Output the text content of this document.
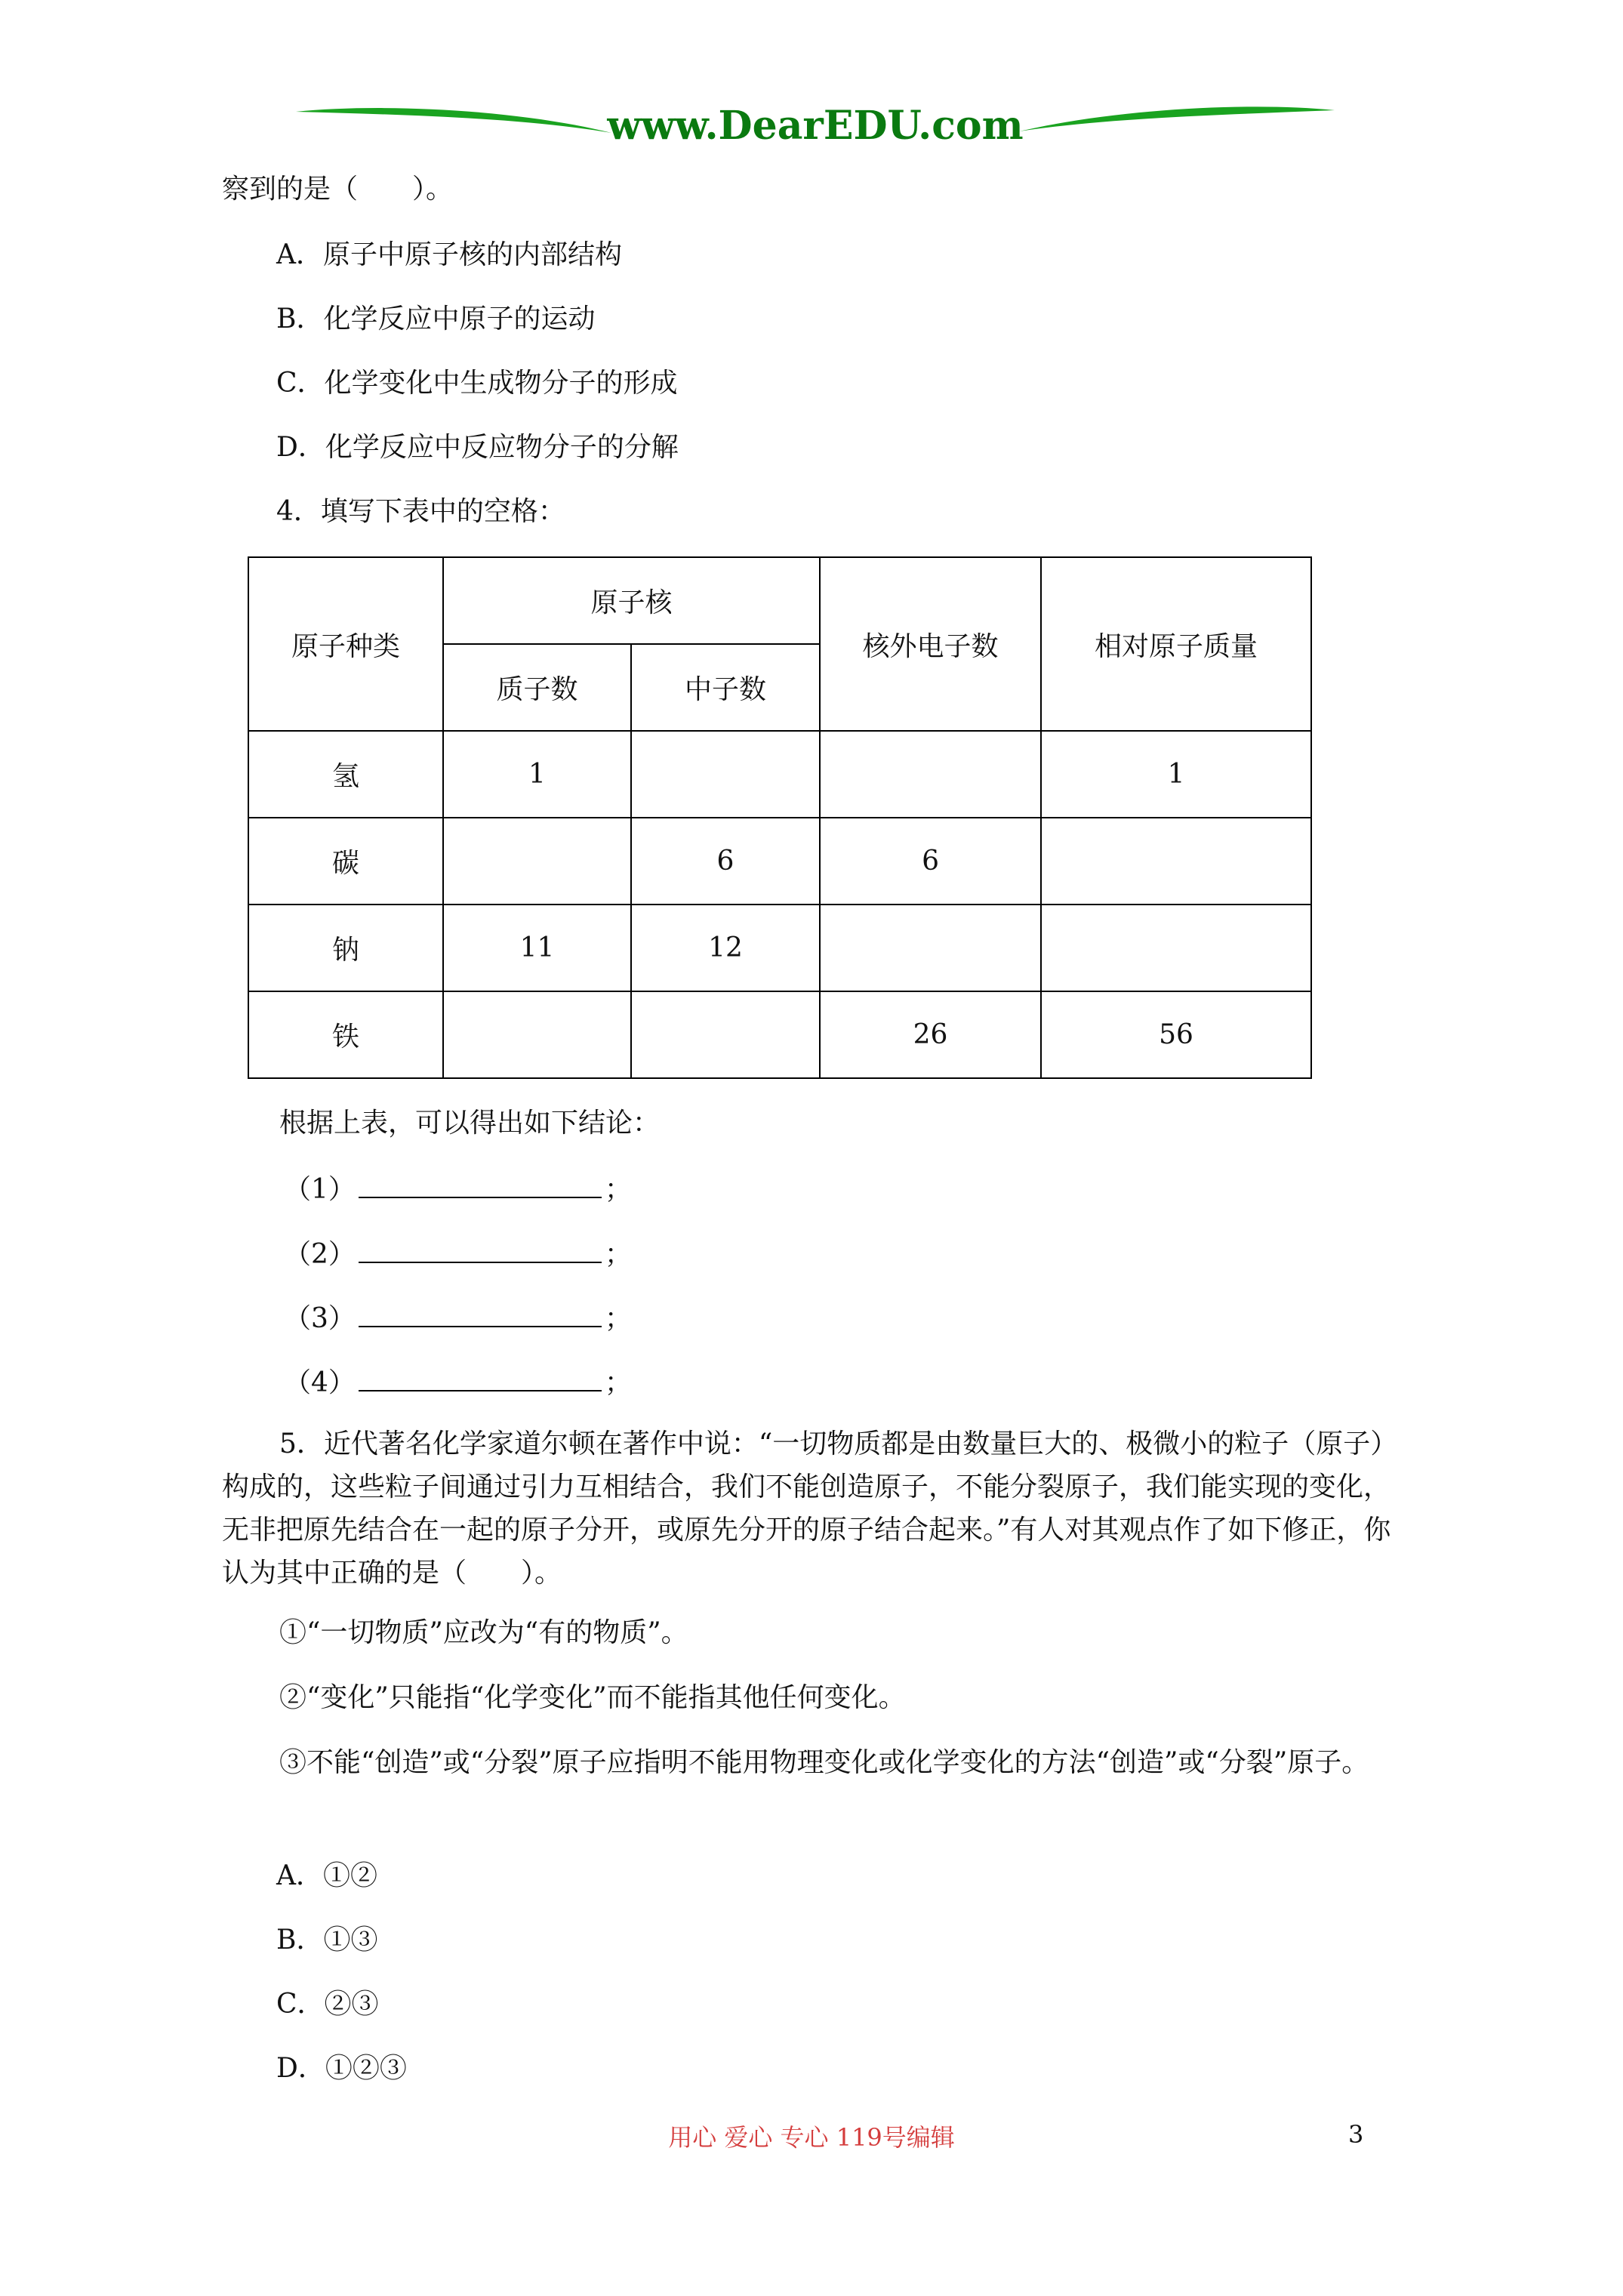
www.DearEDU.com
察到的是（　　）。
A．原子中原子核的内部结构
B．化学反应中原子的运动
C．化学变化中生成物分子的形成
D．化学反应中反应物分子的分解
4．填写下表中的空格：
原子种类	原子核		核外电子数	相对原子质量
	质子数	中子数		
氢	1			1
碳		6	6	
钠	11	12		
铁			26	56
根据上表，可以得出如下结论：
（1）	；
（2）	；
（3）	；
（4）	；
5．近代著名化学家道尔顿在著作中说：“一切物质都是由数量巨大的、极微小的粒子（原子）构成的，这些粒子间通过引力互相结合，我们不能创造原子，不能分裂原子，我们能实现的变化，无非把原先结合在一起的原子分开，或原先分开的原子结合起来。”有人对其观点作了如下修正，你认为其中正确的是（　　）。
①“一切物质”应改为“有的物质”。
②“变化”只能指“化学变化”而不能指其他任何变化。
③不能“创造”或“分裂”原子应指明不能用物理变化或化学变化的方法“创造”或“分裂”原子。
A．①②
B．①③
C．②③
D．①②③
用心 爱心 专心 119号编辑	3
